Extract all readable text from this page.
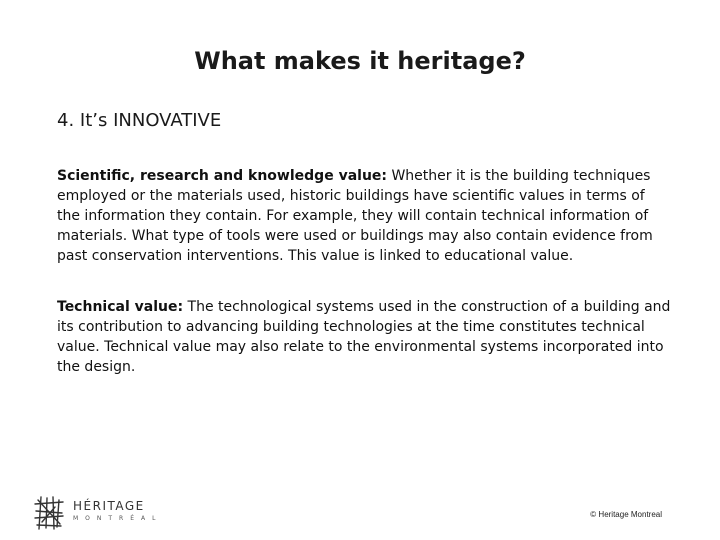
What makes it heritage?
4. It’s INNOVATIVE

Scientific, research and knowledge value: Whether it is the building techniques employed or the materials used, historic buildings have scientific values in terms of the information they contain. For example, they will contain technical information of materials. What type of tools were used or buildings may also contain evidence from past conservation interventions. This value is linked to educational value.

Technical value: The technological systems used in the construction of a building and its contribution to advancing building technologies at the time constitutes technical value. Technical value may also relate to the environmental systems incorporated into the design.

HÉRITAGE
MONTRÉAL	© Heritage Montreal
